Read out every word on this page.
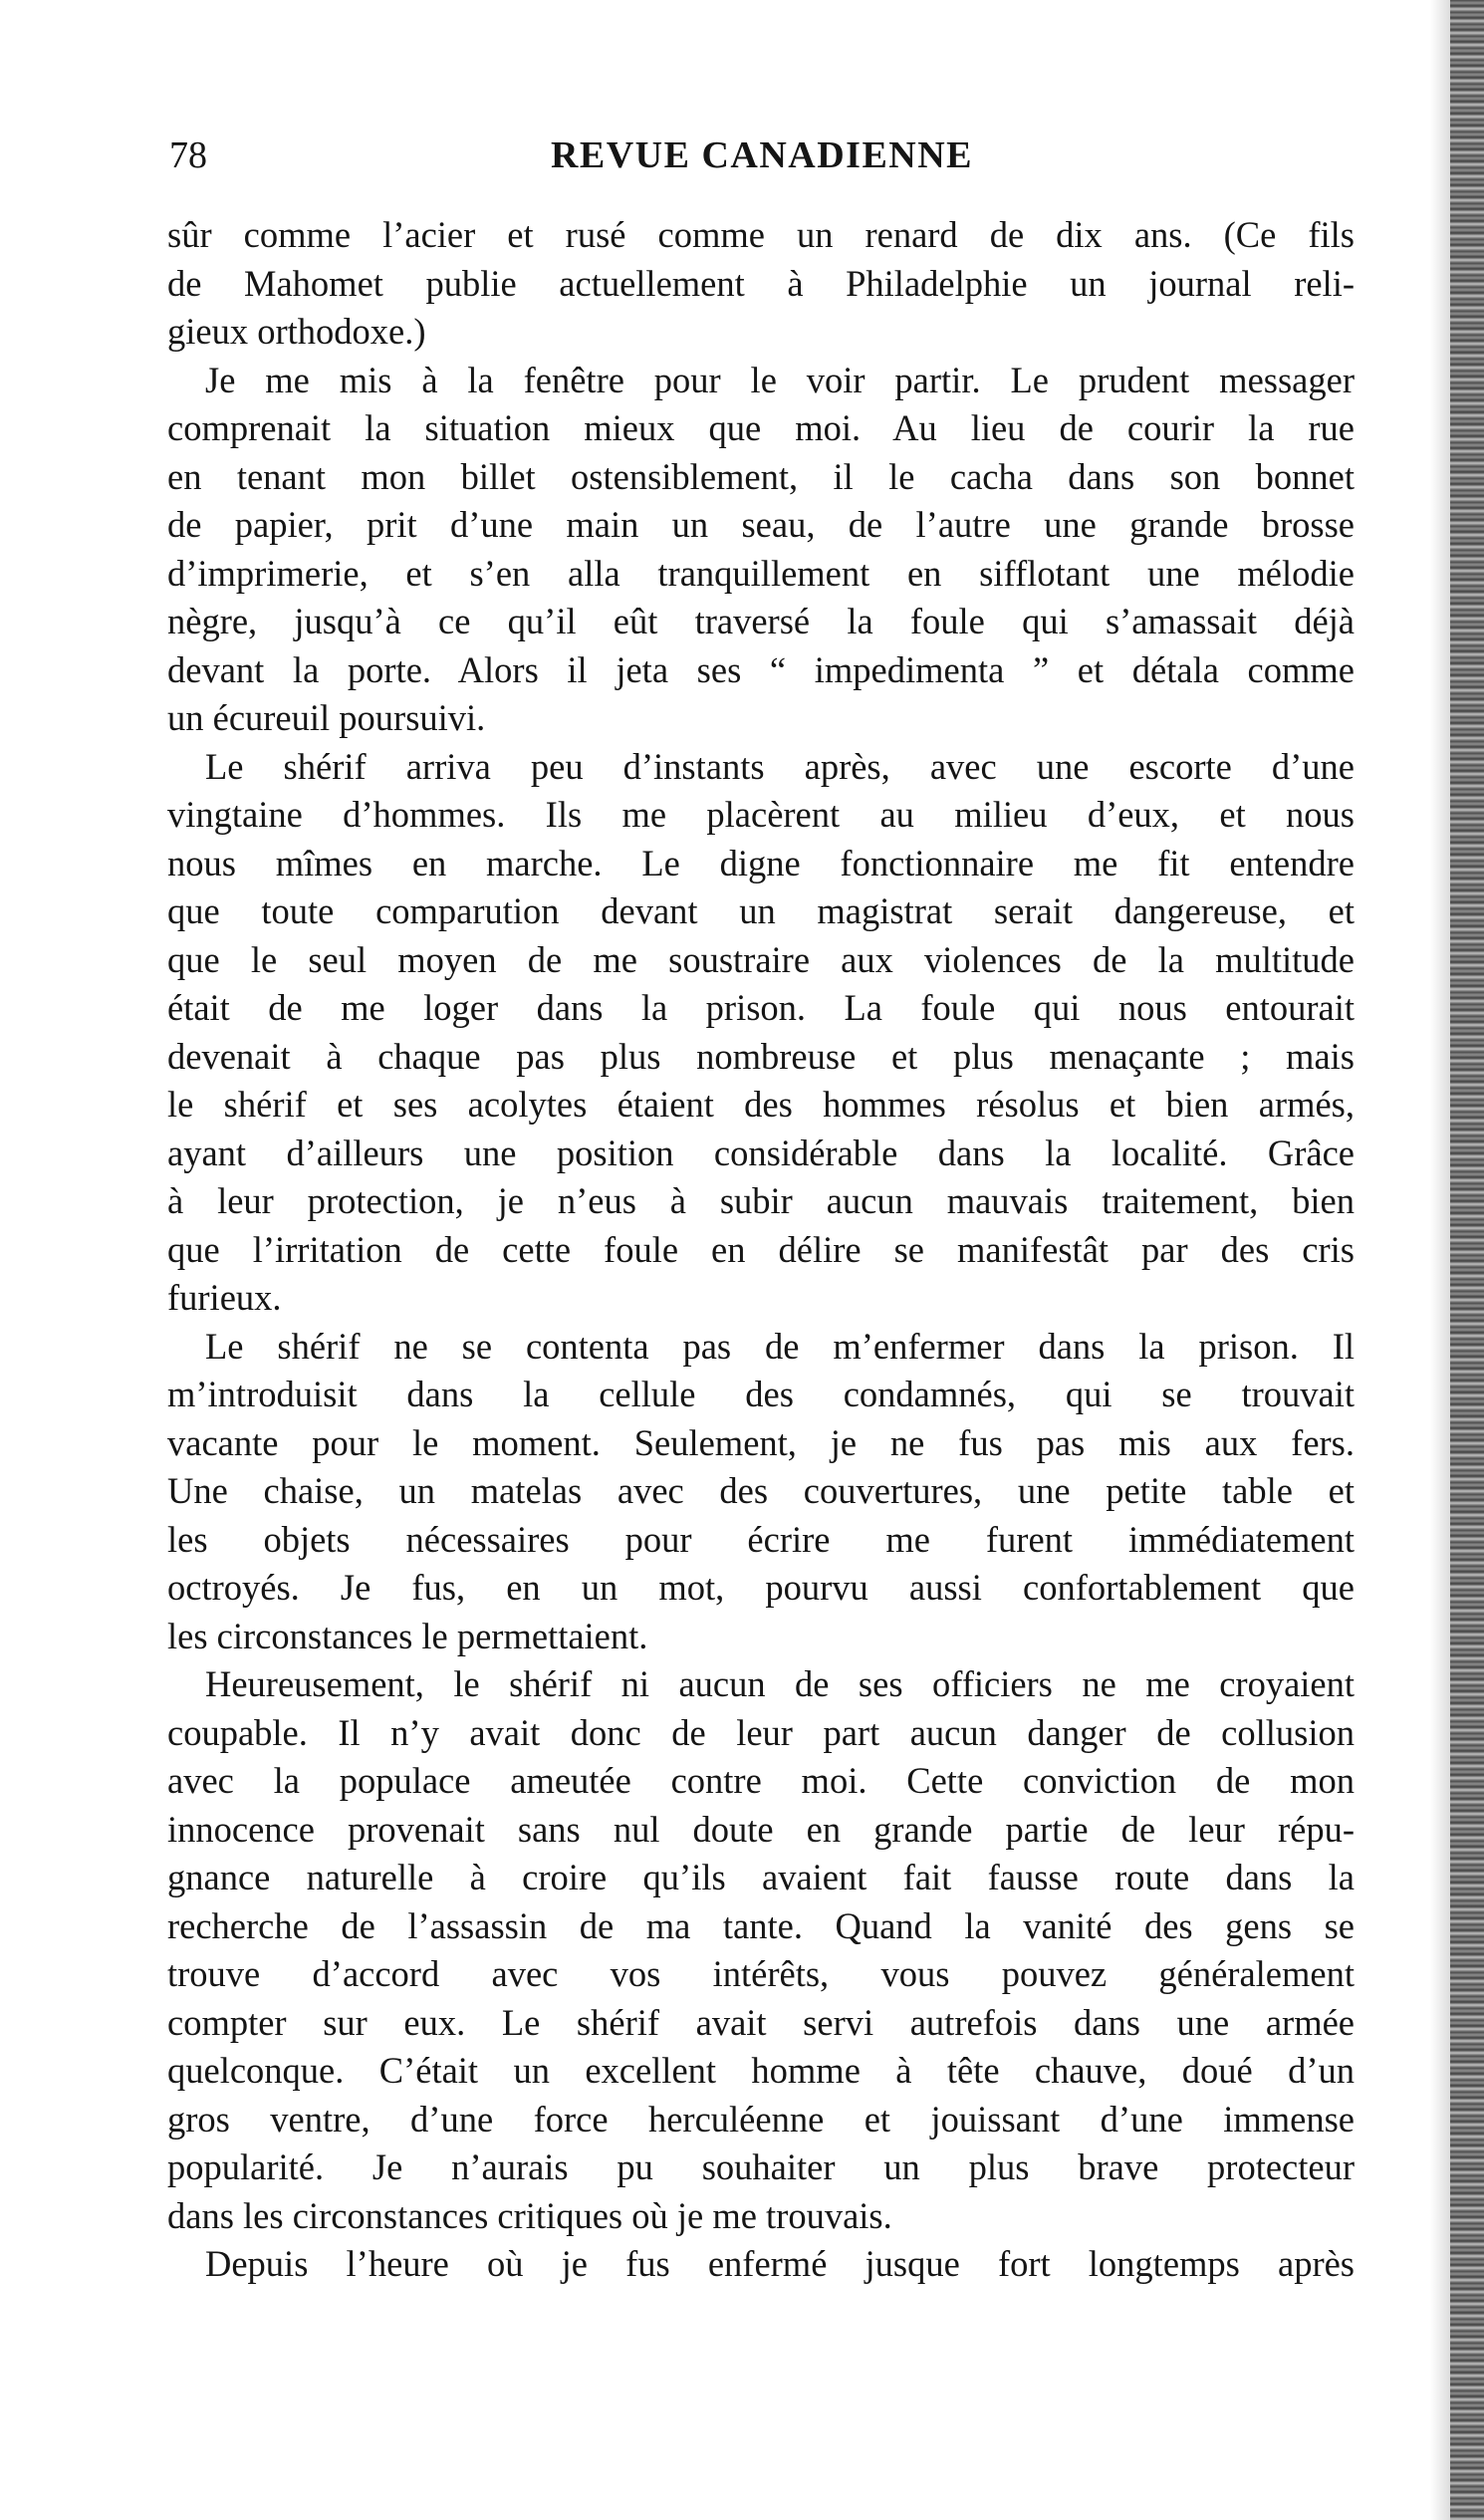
78	REVUE CANADIENNE
sûr comme l’acier et rusé comme un renard de dix ans. (Ce fils
de Mahomet publie actuellement à Philadelphie un journal reli-
gieux orthodoxe.)
Je me mis à la fenêtre pour le voir partir. Le prudent messager
comprenait la situation mieux que moi. Au lieu de courir la rue
en tenant mon billet ostensiblement, il le cacha dans son bonnet
de papier, prit d’une main un seau, de l’autre une grande brosse
d’imprimerie, et s’en alla tranquillement en sifflotant une mélodie
nègre, jusqu’à ce qu’il eût traversé la foule qui s’amassait déjà
devant la porte. Alors il jeta ses “ impedimenta ” et détala comme
un écureuil poursuivi.
Le shérif arriva peu d’instants après, avec une escorte d’une
vingtaine d’hommes. Ils me placèrent au milieu d’eux, et nous
nous mîmes en marche. Le digne fonctionnaire me fit entendre
que toute comparution devant un magistrat serait dangereuse, et
que le seul moyen de me soustraire aux violences de la multitude
était de me loger dans la prison. La foule qui nous entourait
devenait à chaque pas plus nombreuse et plus menaçante ; mais
le shérif et ses acolytes étaient des hommes résolus et bien armés,
ayant d’ailleurs une position considérable dans la localité. Grâce
à leur protection, je n’eus à subir aucun mauvais traitement, bien
que l’irritation de cette foule en délire se manifestât par des cris
furieux.
Le shérif ne se contenta pas de m’enfermer dans la prison. Il
m’introduisit dans la cellule des condamnés, qui se trouvait
vacante pour le moment. Seulement, je ne fus pas mis aux fers.
Une chaise, un matelas avec des couvertures, une petite table et
les objets nécessaires pour écrire me furent immédiatement
octroyés. Je fus, en un mot, pourvu aussi confortablement que
les circonstances le permettaient.
Heureusement, le shérif ni aucun de ses officiers ne me croyaient
coupable. Il n’y avait donc de leur part aucun danger de collusion
avec la populace ameutée contre moi. Cette conviction de mon
innocence provenait sans nul doute en grande partie de leur répu-
gnance naturelle à croire qu’ils avaient fait fausse route dans la
recherche de l’assassin de ma tante. Quand la vanité des gens se
trouve d’accord avec vos intérêts, vous pouvez généralement
compter sur eux. Le shérif avait servi autrefois dans une armée
quelconque. C’était un excellent homme à tête chauve, doué d’un
gros ventre, d’une force herculéenne et jouissant d’une immense
popularité. Je n’aurais pu souhaiter un plus brave protecteur
dans les circonstances critiques où je me trouvais.
Depuis l’heure où je fus enfermé jusque fort longtemps après
